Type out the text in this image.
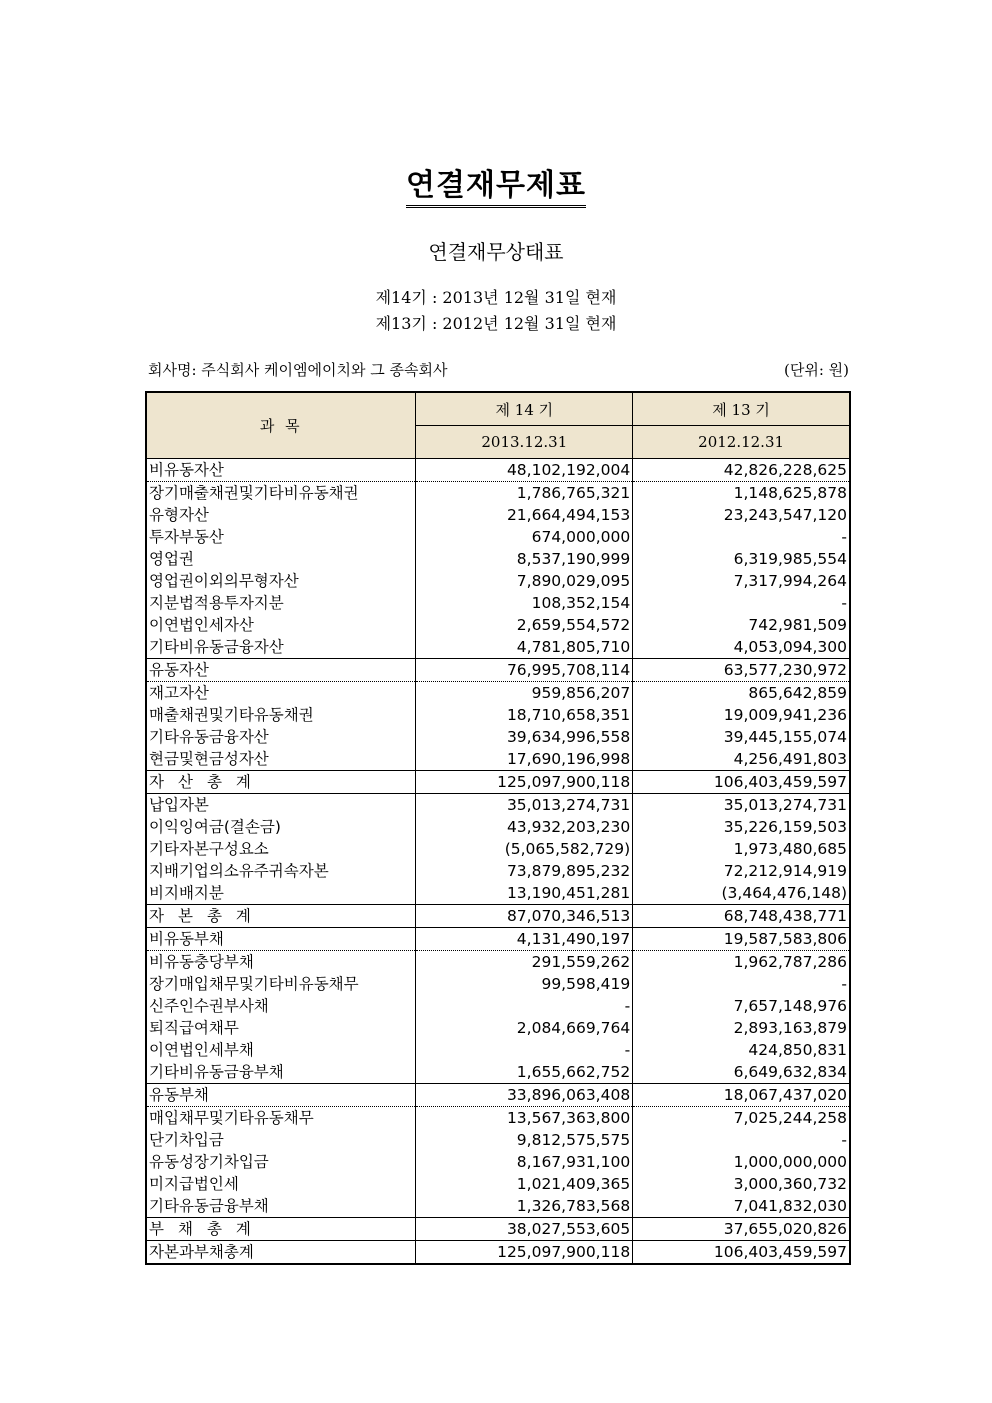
연결재무제표
연결재무상태표
제14기 : 2013년 12월 31일 현재
제13기 : 2012년 12월 31일 현재
회사명: 주식회사 케이엠에이치와 그 종속회사	(단위: 원)
과 목	제 14 기	제 13 기
	2013.12.31	2012.12.31
비유동자산	48,102,192,004	42,826,228,625
장기매출채권및기타비유동채권	1,786,765,321	1,148,625,878
유형자산	21,664,494,153	23,243,547,120
투자부동산	674,000,000	-
영업권	8,537,190,999	6,319,985,554
영업권이외의무형자산	7,890,029,095	7,317,994,264
지분법적용투자지분	108,352,154	-
이연법인세자산	2,659,554,572	742,981,509
기타비유동금융자산	4,781,805,710	4,053,094,300
유동자산	76,995,708,114	63,577,230,972
재고자산	959,856,207	865,642,859
매출채권및기타유동채권	18,710,658,351	19,009,941,236
기타유동금융자산	39,634,996,558	39,445,155,074
현금및현금성자산	17,690,196,998	4,256,491,803
자산총계	125,097,900,118	106,403,459,597
납입자본	35,013,274,731	35,013,274,731
이익잉여금(결손금)	43,932,203,230	35,226,159,503
기타자본구성요소	(5,065,582,729)	1,973,480,685
지배기업의소유주귀속자본	73,879,895,232	72,212,914,919
비지배지분	13,190,451,281	(3,464,476,148)
자본총계	87,070,346,513	68,748,438,771
비유동부채	4,131,490,197	19,587,583,806
비유동충당부채	291,559,262	1,962,787,286
장기매입채무및기타비유동채무	99,598,419	-
신주인수권부사채	-	7,657,148,976
퇴직급여채무	2,084,669,764	2,893,163,879
이연법인세부채	-	424,850,831
기타비유동금융부채	1,655,662,752	6,649,632,834
유동부채	33,896,063,408	18,067,437,020
매입채무및기타유동채무	13,567,363,800	7,025,244,258
단기차입금	9,812,575,575	-
유동성장기차입금	8,167,931,100	1,000,000,000
미지급법인세	1,021,409,365	3,000,360,732
기타유동금융부채	1,326,783,568	7,041,832,030
부채총계	38,027,553,605	37,655,020,826
자본과부채총계	125,097,900,118	106,403,459,597
